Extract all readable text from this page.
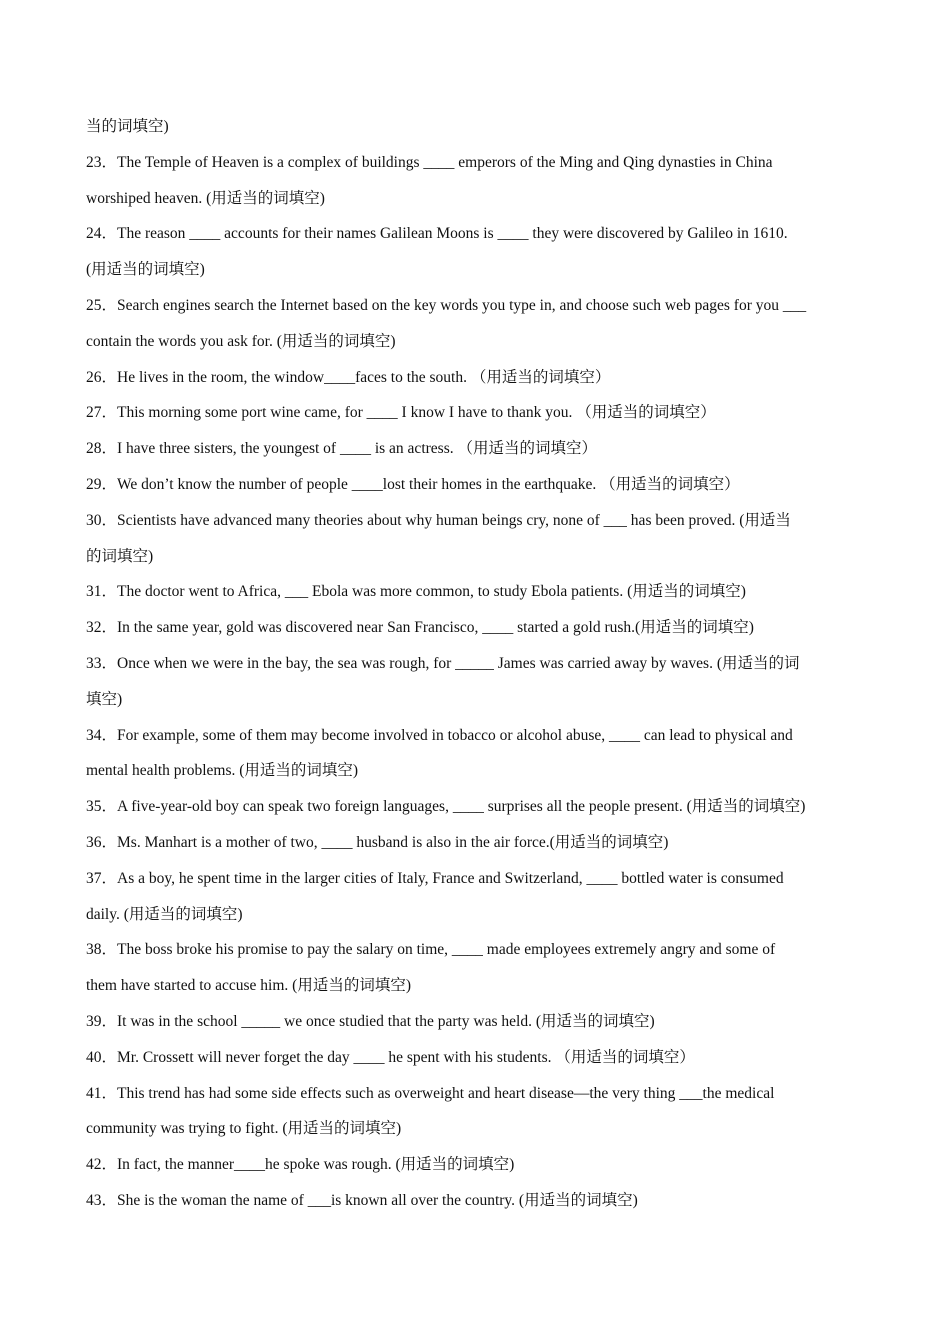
当的词填空)
23．The Temple of Heaven is a complex of buildings ____ emperors of the Ming and Qing dynasties in China
worshiped heaven. (用适当的词填空)
24．The reason ____ accounts for their names Galilean Moons is ____ they were discovered by Galileo in 1610.
(用适当的词填空)
25．Search engines search the Internet based on the key words you type in, and choose such web pages for you ___
contain the words you ask for. (用适当的词填空)
26．He lives in the room, the window____faces to the south. （用适当的词填空）
27．This morning some port wine came, for ____ I know I have to thank you. （用适当的词填空）
28．I have three sisters, the youngest of ____ is an actress. （用适当的词填空）
29．We don’t know the number of people ____lost their homes in the earthquake. （用适当的词填空）
30．Scientists have advanced many theories about why human beings cry, none of ___ has been proved. (用适当
的词填空)
31．The doctor went to Africa, ___ Ebola was more common, to study Ebola patients. (用适当的词填空)
32．In the same year, gold was discovered near San Francisco, ____ started a gold rush.(用适当的词填空)
33．Once when we were in the bay, the sea was rough, for _____ James was carried away by waves. (用适当的词
填空)
34．For example, some of them may become involved in tobacco or alcohol abuse, ____ can lead to physical and
mental health problems. (用适当的词填空)
35．A five-year-old boy can speak two foreign languages, ____ surprises all the people present. (用适当的词填空)
36．Ms. Manhart is a mother of two, ____ husband is also in the air force.(用适当的词填空)
37．As a boy, he spent time in the larger cities of Italy, France and Switzerland, ____ bottled water is consumed
daily. (用适当的词填空)
38．The boss broke his promise to pay the salary on time, ____ made employees extremely angry and some of
them have started to accuse him. (用适当的词填空)
39．It was in the school _____ we once studied that the party was held. (用适当的词填空)
40．Mr. Crossett will never forget the day ____ he spent with his students. （用适当的词填空）
41．This trend has had some side effects such as overweight and heart disease—the very thing ___the medical
community was trying to fight. (用适当的词填空)
42．In fact, the manner____he spoke was rough. (用适当的词填空)
43．She is the woman the name of ___is known all over the country. (用适当的词填空)
